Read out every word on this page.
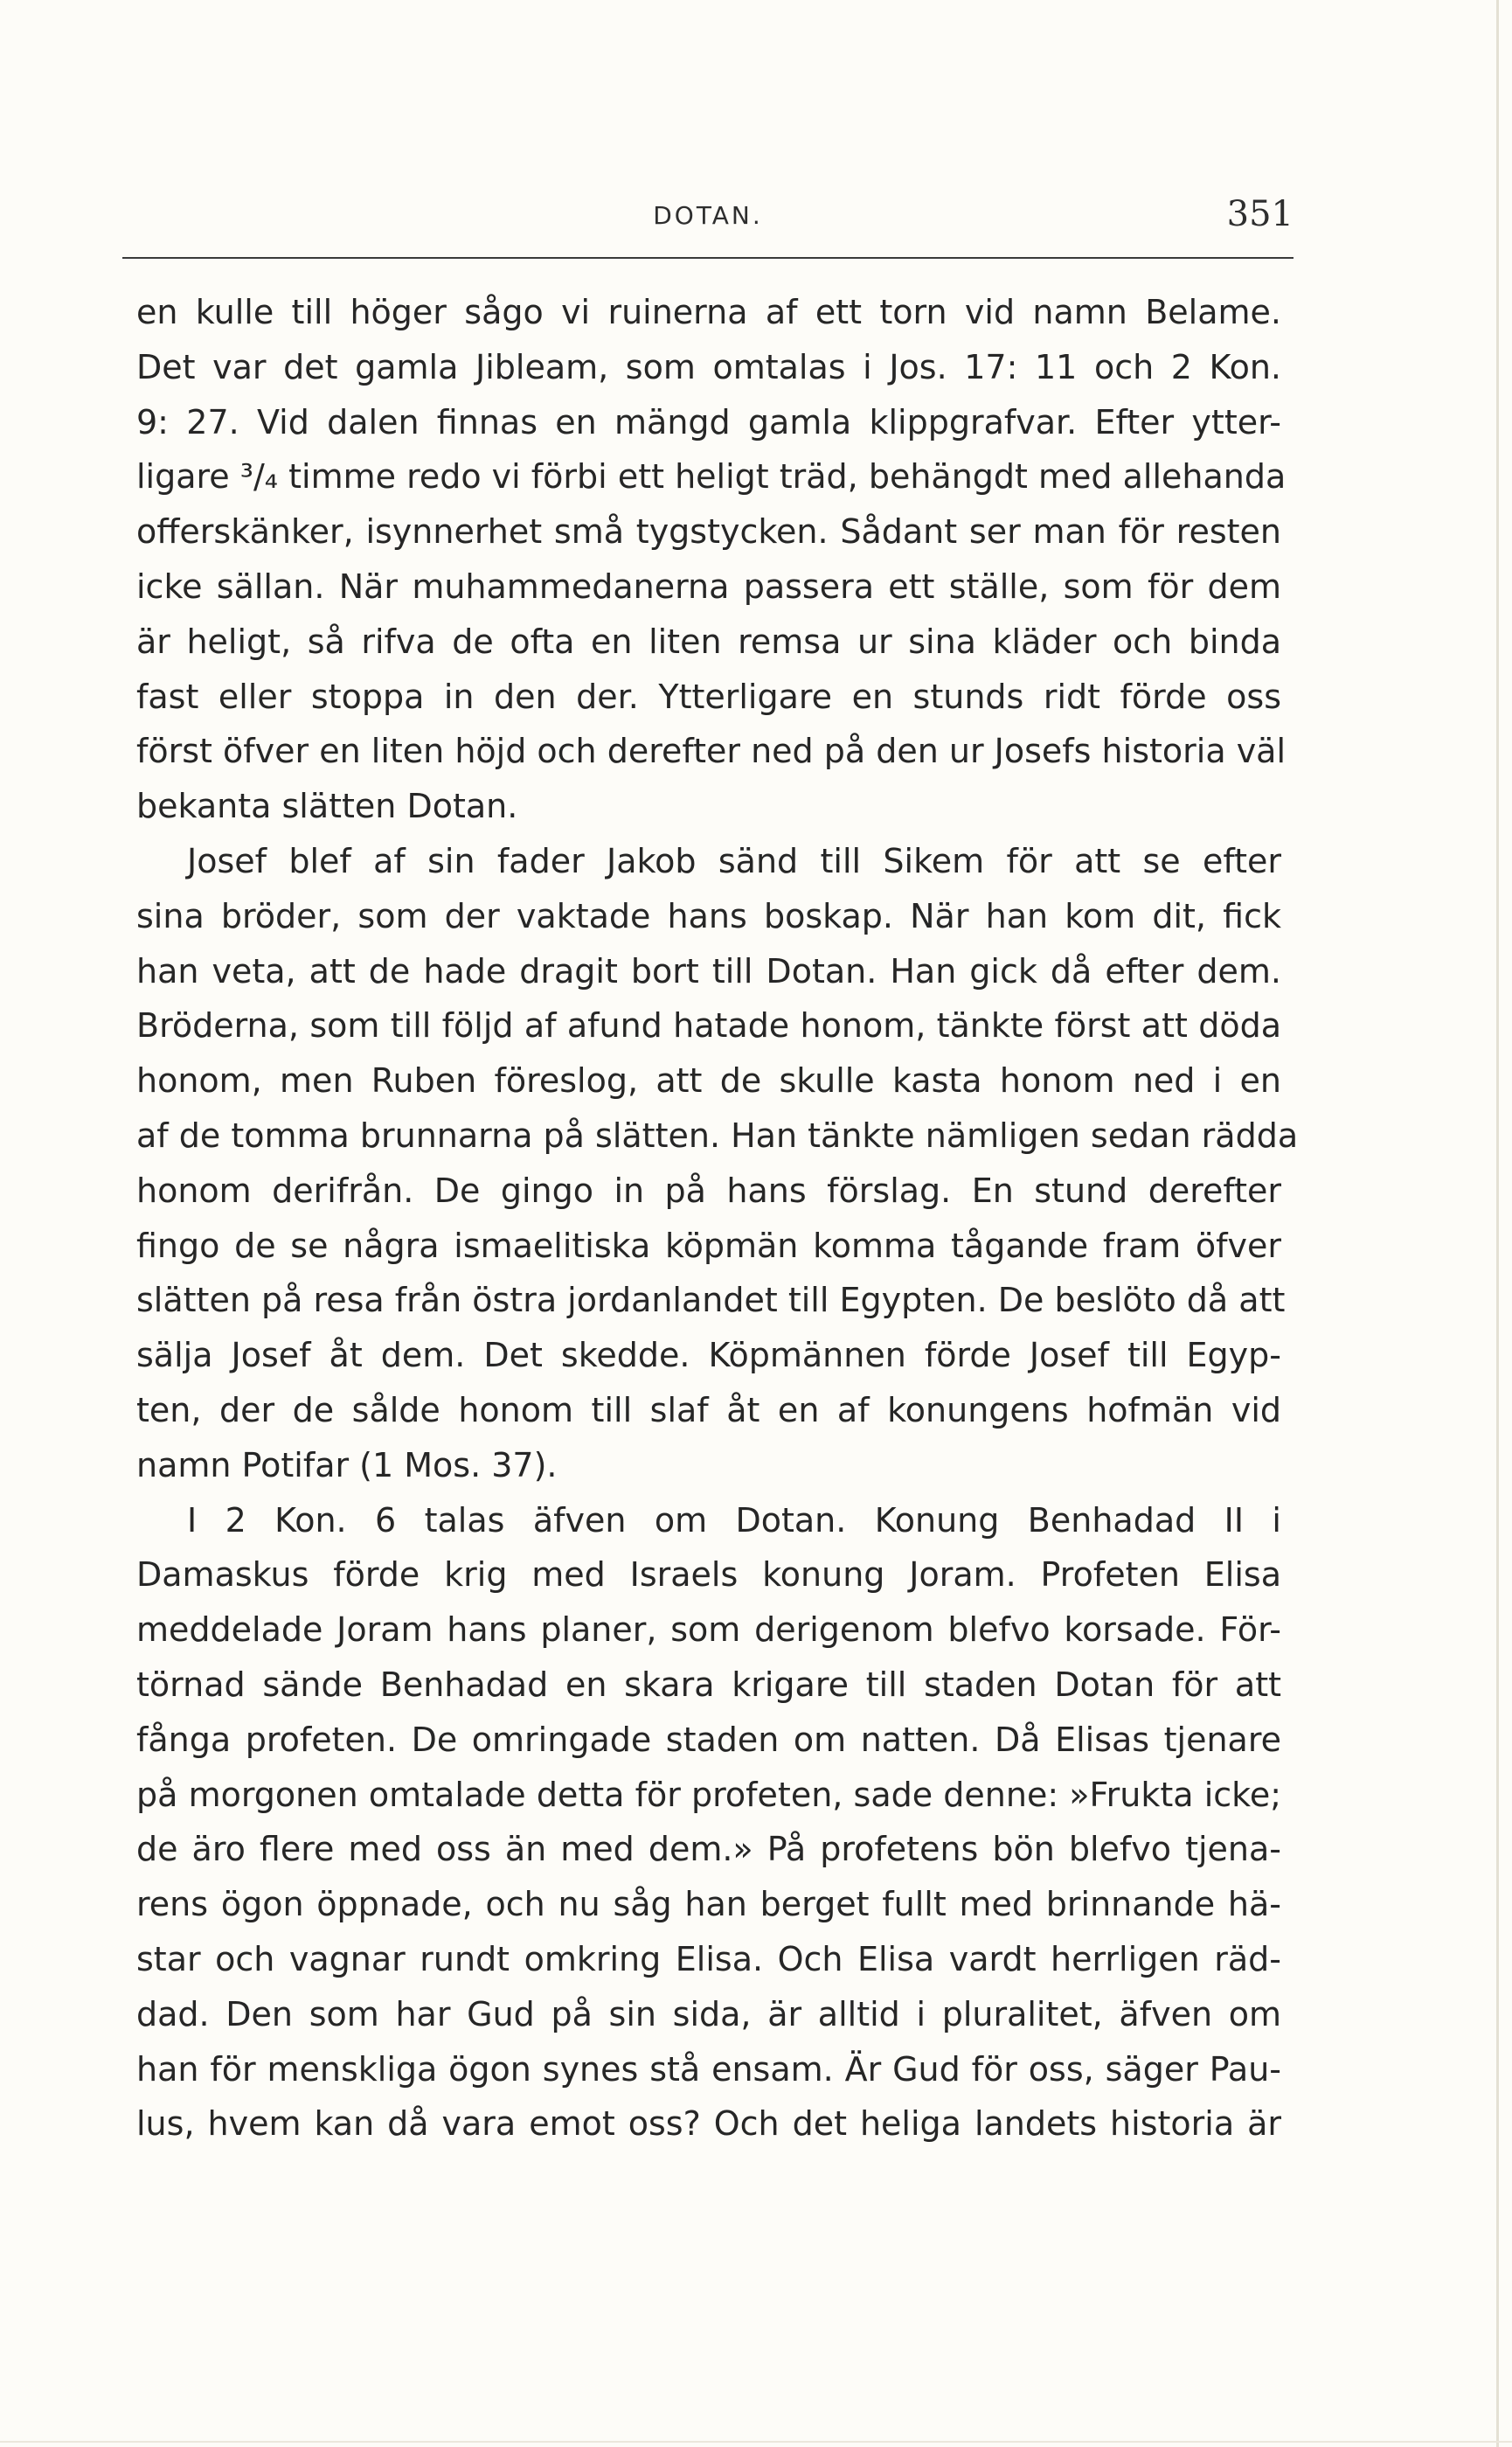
DOTAN.	351
en kulle till höger sågo vi ruinerna af ett torn vid namn Belame.
Det var det gamla Jibleam, som omtalas i Jos. 17: 11 och 2 Kon.
9: 27. Vid dalen finnas en mängd gamla klippgrafvar. Efter ytter-
ligare ³/₄ timme redo vi förbi ett heligt träd, behängdt med allehanda
offerskänker, isynnerhet små tygstycken. Sådant ser man för resten
icke sällan. När muhammedanerna passera ett ställe, som för dem
är heligt, så rifva de ofta en liten remsa ur sina kläder och binda
fast eller stoppa in den der. Ytterligare en stunds ridt förde oss
först öfver en liten höjd och derefter ned på den ur Josefs historia väl
bekanta slätten Dotan.
Josef blef af sin fader Jakob sänd till Sikem för att se efter
sina bröder, som der vaktade hans boskap. När han kom dit, fick
han veta, att de hade dragit bort till Dotan. Han gick då efter dem.
Bröderna, som till följd af afund hatade honom, tänkte först att döda
honom, men Ruben föreslog, att de skulle kasta honom ned i en
af de tomma brunnarna på slätten. Han tänkte nämligen sedan rädda
honom derifrån. De gingo in på hans förslag. En stund derefter
fingo de se några ismaelitiska köpmän komma tågande fram öfver
slätten på resa från östra jordanlandet till Egypten. De beslöto då att
sälja Josef åt dem. Det skedde. Köpmännen förde Josef till Egyp-
ten, der de sålde honom till slaf åt en af konungens hofmän vid
namn Potifar (1 Mos. 37).
I 2 Kon. 6 talas äfven om Dotan. Konung Benhadad II i
Damaskus förde krig med Israels konung Joram. Profeten Elisa
meddelade Joram hans planer, som derigenom blefvo korsade. För-
törnad sände Benhadad en skara krigare till staden Dotan för att
fånga profeten. De omringade staden om natten. Då Elisas tjenare
på morgonen omtalade detta för profeten, sade denne: »Frukta icke;
de äro flere med oss än med dem.» På profetens bön blefvo tjena-
rens ögon öppnade, och nu såg han berget fullt med brinnande hä-
star och vagnar rundt omkring Elisa. Och Elisa vardt herrligen räd-
dad. Den som har Gud på sin sida, är alltid i pluralitet, äfven om
han för menskliga ögon synes stå ensam. Är Gud för oss, säger Pau-
lus, hvem kan då vara emot oss? Och det heliga landets historia är
